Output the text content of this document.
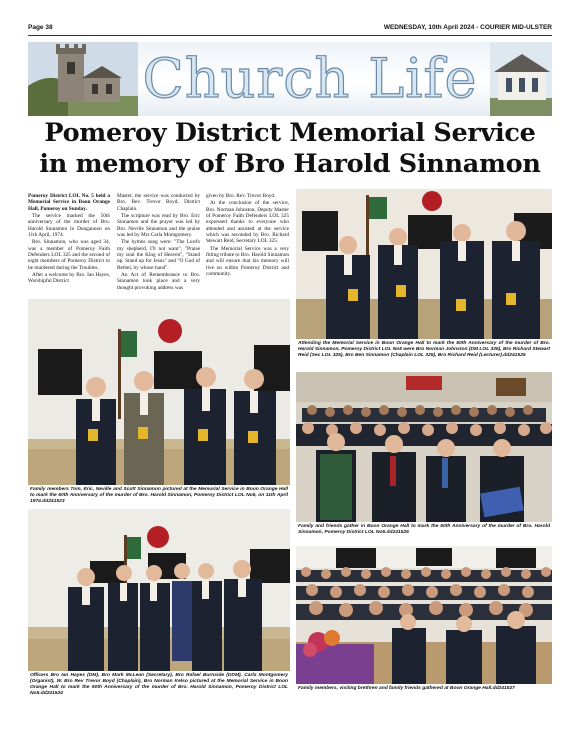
Page 38	WEDNESDAY, 10th April 2024 - COURIER MID-ULSTER
Church Life
Pomeroy District Memorial Service
in memory of Bro Harold Sinnamon

Pomeroy District LOL No. 5 held a Memorial Service in Boon Orange Hall, Pomeroy on Sunday.

The service marked the 50th anniversary of the murder of Bro. Harold Sinnamon in Dungannon on 11th April, 1974.

Bro. Sinnamon, who was aged 34, was a member of Pomeroy Faith Defenders LOL 325 and the second of eight members of Pomeroy District to be murdered during the Troubles.

After a welcome by Bro. Ian Hayes, Worshipful District

Master, the service was conducted by Bro. Rev. Trevor Boyd, District Chaplain.

The scripture was read by Bro. Eric Sinnamon and the prayer was led by Bro. Neville Sinnamon and the praise was led by Mrs Carla Montgomery.

The hymns sung were: "The Lord's my shepherd, I'll not want", "Praise my soul the King of Heaven", "Stand up, Stand up for Jesus" and "O God of Bethel, by whose hand".

An Act of Remembrance to Bro. Sinnamon took place and a very thought provoking address was

given by Bro. Rev. Trevor Boyd.

At the conclusion of the service, Bro. Norman Johnston, Deputy Master of Pomeroy Faith Defenders LOL 325 expressed thanks to everyone who attended and assisted at the service which was seconded by Bro. Richard Stewart Reid, Secretary LOL 325.

The Memorial Service was a very fitting tribute to Bro. Harold Sinnamon and will ensure that his memory will live on within Pomeroy District and community.

Attending the Memorial Service in Boon Orange Hall to mark the 50th Anniversary of the murder of Bro. Harold Sinnamon, Pomeroy District LOL No5 were Bro Norman Johnston (DM LOL 325), Bro Richard Stewart Reid (Sec LOL 325), Bro Ben Sinnamon (Chaplain LOL 325), Bro Richard Reid (Lecturer).dd241525
Family members Tom, Eric, Neville and Scott Sinnamon pictured at the Memorial Service in Boon Orange Hall to mark the 50th Anniversary of the murder of Bro. Harold Sinnamon, Pomeroy District LOL No5, on 11th April 1974.dd241523
Family and friends gather in Boon Orange Hall to mark the 50th Anniversary of the murder of Bro. Harold Sinnamon, Pomeroy District LOL No5.dd241526
Officers Bro Ian Hayes (DM), Bro Mark McLean (Secretary), Bro Rafael Burnside (DDM), Carla Montgomery (Organist), W. Bro Rev Trevor Boyd (Chaplain), Bro Norman Kelso pictured at the Memorial Service in Boon Orange Hall to mark the 50th Anniversary of the murder of Bro. Harold Sinnamon, Pomeroy District LOL No5.dd241524
Family members, visiting brethren and family friends gathered at Boon Orange Hall.dd241527
